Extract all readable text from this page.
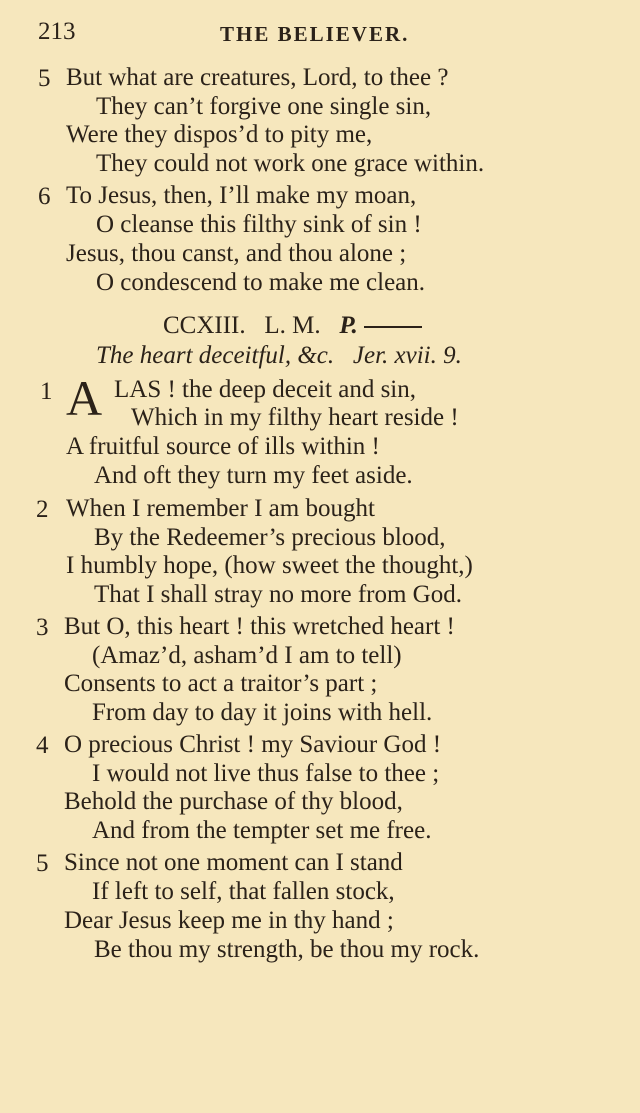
213	THE BELIEVER.
5 But what are creatures, Lord, to thee ?
They can’t forgive one single sin,
Were they dispos’d to pity me,
They could not work one grace within.
6 To Jesus, then, I’ll make my moan,
O cleanse this filthy sink of sin !
Jesus, thou canst, and thou alone ;
O condescend to make me clean.
CCXIII. L. M. P.
The heart deceitful, &c. Jer. xvii. 9.
1 A LAS ! the deep deceit and sin,
Which in my filthy heart reside !
A fruitful source of ills within !
And oft they turn my feet aside.
2 When I remember I am bought
By the Redeemer’s precious blood,
I humbly hope, (how sweet the thought,)
That I shall stray no more from God.
3 But O, this heart ! this wretched heart !
(Amaz’d, asham’d I am to tell)
Consents to act a traitor’s part ;
From day to day it joins with hell.
4 O precious Christ ! my Saviour God !
I would not live thus false to thee ;
Behold the purchase of thy blood,
And from the tempter set me free.
5 Since not one moment can I stand
If left to self, that fallen stock,
Dear Jesus keep me in thy hand ;
Be thou my strength, be thou my rock.
